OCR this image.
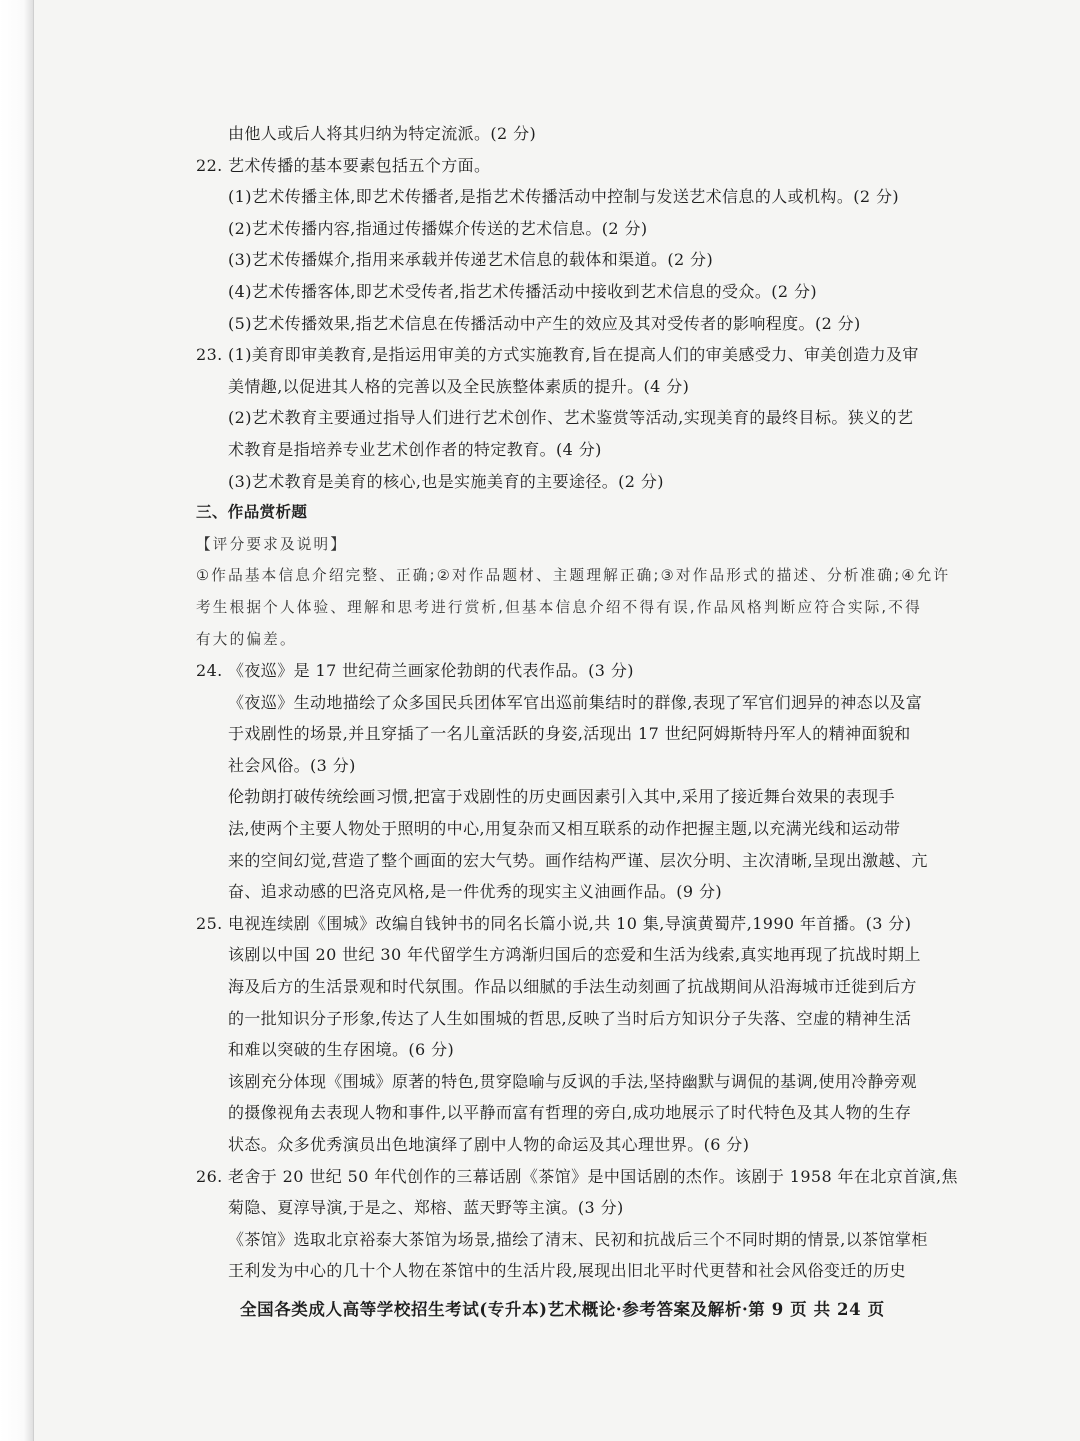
由他人或后人将其归纳为特定流派。(2 分)
22. 艺术传播的基本要素包括五个方面。
(1)艺术传播主体,即艺术传播者,是指艺术传播活动中控制与发送艺术信息的人或机构。(2 分)
(2)艺术传播内容,指通过传播媒介传送的艺术信息。(2 分)
(3)艺术传播媒介,指用来承载并传递艺术信息的载体和渠道。(2 分)
(4)艺术传播客体,即艺术受传者,指艺术传播活动中接收到艺术信息的受众。(2 分)
(5)艺术传播效果,指艺术信息在传播活动中产生的效应及其对受传者的影响程度。(2 分)
23. (1)美育即审美教育,是指运用审美的方式实施教育,旨在提高人们的审美感受力、审美创造力及审
美情趣,以促进其人格的完善以及全民族整体素质的提升。(4 分)
(2)艺术教育主要通过指导人们进行艺术创作、艺术鉴赏等活动,实现美育的最终目标。狭义的艺
术教育是指培养专业艺术创作者的特定教育。(4 分)
(3)艺术教育是美育的核心,也是实施美育的主要途径。(2 分)
三、作品赏析题
【评分要求及说明】
①作品基本信息介绍完整、正确;②对作品题材、主题理解正确;③对作品形式的描述、分析准确;④允许
考生根据个人体验、理解和思考进行赏析,但基本信息介绍不得有误,作品风格判断应符合实际,不得
有大的偏差。
24. 《夜巡》是 17 世纪荷兰画家伦勃朗的代表作品。(3 分)
《夜巡》生动地描绘了众多国民兵团体军官出巡前集结时的群像,表现了军官们迥异的神态以及富
于戏剧性的场景,并且穿插了一名儿童活跃的身姿,活现出 17 世纪阿姆斯特丹军人的精神面貌和
社会风俗。(3 分)
伦勃朗打破传统绘画习惯,把富于戏剧性的历史画因素引入其中,采用了接近舞台效果的表现手
法,使两个主要人物处于照明的中心,用复杂而又相互联系的动作把握主题,以充满光线和运动带
来的空间幻觉,营造了整个画面的宏大气势。画作结构严谨、层次分明、主次清晰,呈现出激越、亢
奋、追求动感的巴洛克风格,是一件优秀的现实主义油画作品。(9 分)
25. 电视连续剧《围城》改编自钱钟书的同名长篇小说,共 10 集,导演黄蜀芹,1990 年首播。(3 分)
该剧以中国 20 世纪 30 年代留学生方鸿渐归国后的恋爱和生活为线索,真实地再现了抗战时期上
海及后方的生活景观和时代氛围。作品以细腻的手法生动刻画了抗战期间从沿海城市迁徙到后方
的一批知识分子形象,传达了人生如围城的哲思,反映了当时后方知识分子失落、空虚的精神生活
和难以突破的生存困境。(6 分)
该剧充分体现《围城》原著的特色,贯穿隐喻与反讽的手法,坚持幽默与调侃的基调,使用冷静旁观
的摄像视角去表现人物和事件,以平静而富有哲理的旁白,成功地展示了时代特色及其人物的生存
状态。众多优秀演员出色地演绎了剧中人物的命运及其心理世界。(6 分)
26. 老舍于 20 世纪 50 年代创作的三幕话剧《茶馆》是中国话剧的杰作。该剧于 1958 年在北京首演,焦
菊隐、夏淳导演,于是之、郑榕、蓝天野等主演。(3 分)
《茶馆》选取北京裕泰大茶馆为场景,描绘了清末、民初和抗战后三个不同时期的情景,以茶馆掌柜
王利发为中心的几十个人物在茶馆中的生活片段,展现出旧北平时代更替和社会风俗变迁的历史
全国各类成人高等学校招生考试(专升本)艺术概论·参考答案及解析·第 9 页 共 24 页
